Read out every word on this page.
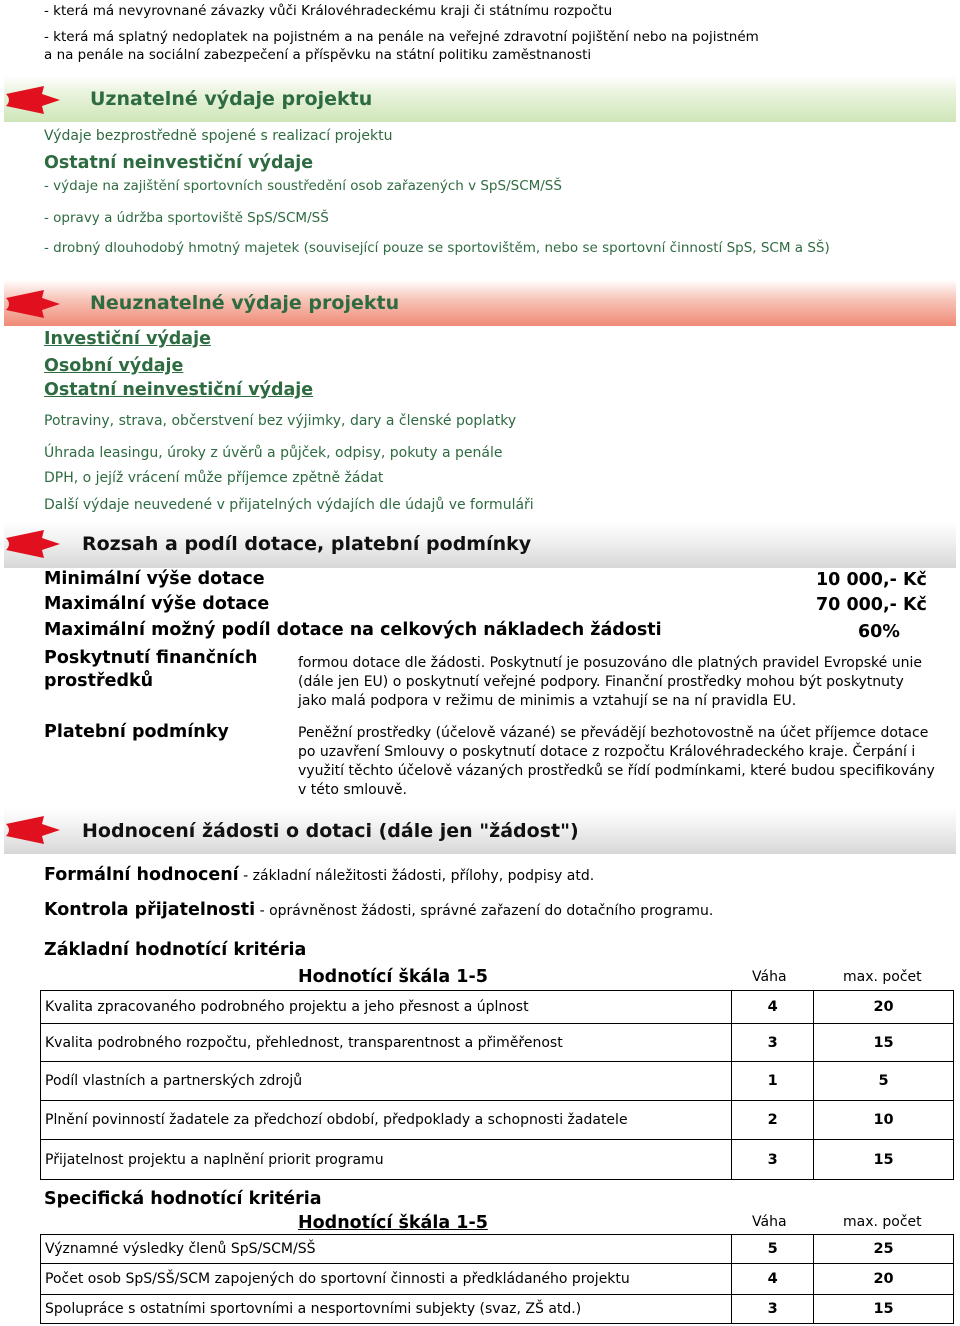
- která má nevyrovnané závazky vůči Královéhradeckému kraji či státnímu rozpočtu
- která má splatný nedoplatek na pojistném a na penále na veřejné zdravotní pojištění nebo na pojistném
a na penále na sociální zabezpečení a příspěvku na státní politiku zaměstnanosti
Uznatelné výdaje projektu
Výdaje bezprostředně spojené s realizací projektu
Ostatní neinvestiční výdaje
- výdaje na zajištění sportovních soustředění osob zařazených v SpS/SCM/SŠ
- opravy a údržba sportoviště SpS/SCM/SŠ
- drobný dlouhodobý hmotný majetek (související pouze se sportovištěm, nebo se sportovní činností SpS, SCM a SŠ)
Neuznatelné výdaje projektu
Investiční výdaje
Osobní výdaje
Ostatní neinvestiční výdaje
Potraviny, strava, občerstvení bez výjimky, dary a členské poplatky
Úhrada leasingu, úroky z úvěrů a půjček, odpisy, pokuty a penále
DPH, o jejíž vrácení může příjemce zpětně žádat
Další výdaje neuvedené v přijatelných výdajích dle údajů ve formuláři
Rozsah a podíl dotace, platební podmínky
Minimální výše dotace	10 000,- Kč
Maximální výše dotace	70 000,- Kč
Maximální možný podíl dotace na celkových nákladech žádosti	60%
Poskytnutí finančních
prostředků
formou dotace dle žádosti. Poskytnutí je posuzováno dle platných pravidel Evropské unie
(dále jen EU) o poskytnutí veřejné podpory. Finanční prostředky mohou být poskytnuty
jako malá podpora v režimu de minimis a vztahují se na ní pravidla EU.
Platební podmínky	Peněžní prostředky (účelově vázané) se převádějí bezhotovostně na účet příjemce dotace
po uzavření Smlouvy o poskytnutí dotace z rozpočtu Královéhradeckého kraje. Čerpání i
využití těchto účelově vázaných prostředků se řídí podmínkami, které budou specifikovány
v této smlouvě.
Hodnocení žádosti o dotaci (dále jen "žádost")
Formální hodnocení - základní náležitosti žádosti, přílohy, podpisy atd.
Kontrola přijatelnosti - oprávněnost žádosti, správné zařazení do dotačního programu.
Základní hodnotící kritéria
Hodnotící škála 1-5	Váha	max. počet
Kvalita zpracovaného podrobného projektu a jeho přesnost a úplnost	4	20
Kvalita podrobného rozpočtu, přehlednost, transparentnost a přiměřenost	3	15
Podíl vlastních a partnerských zdrojů	1	5
Plnění povinností žadatele za předchozí období, předpoklady a schopnosti žadatele	2	10
Přijatelnost projektu a naplnění priorit programu	3	15
Specifická hodnotící kritéria
Hodnotící škála 1-5	Váha	max. počet
Významné výsledky členů SpS/SCM/SŠ	5	25
Počet osob SpS/SŠ/SCM zapojených do sportovní činnosti a předkládaného projektu	4	20
Spolupráce s ostatními sportovními a nesportovními subjekty (svaz, ZŠ atd.)	3	15
